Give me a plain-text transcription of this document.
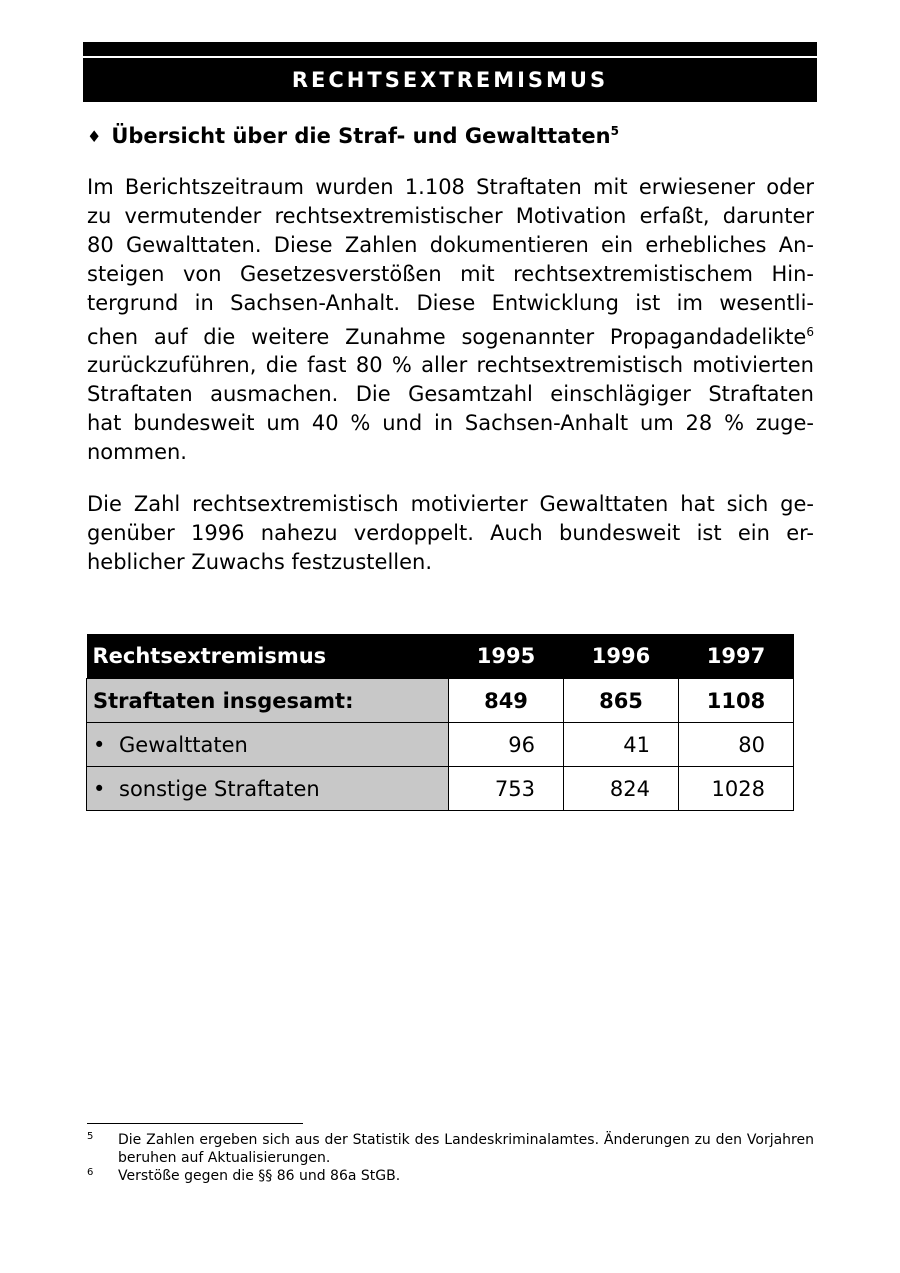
RECHTSEXTREMISMUS
♦ Übersicht über die Straf- und Gewalttaten$^5$
Im Berichtszeitraum wurden 1.108 Straftaten mit erwiesener oder
zu vermutender rechtsextremistischer Motivation erfaßt, darunter
80 Gewalttaten. Diese Zahlen dokumentieren ein erhebliches An-
steigen von Gesetzesverstößen mit rechtsextremistischem Hin-
tergrund in Sachsen-Anhalt. Diese Entwicklung ist im wesentli-
chen auf die weitere Zunahme sogenannter Propagandadelikte$^6$
zurückzuführen, die fast 80 % aller rechtsextremistisch motivierten
Straftaten ausmachen. Die Gesamtzahl einschlägiger Straftaten
hat bundesweit um 40 % und in Sachsen-Anhalt um 28 % zuge-
nommen.
Die Zahl rechtsextremistisch motivierter Gewalttaten hat sich ge-
genüber 1996 nahezu verdoppelt. Auch bundesweit ist ein er-
heblicher Zuwachs festzustellen.
Rechtsextremismus	1995	1996	1997
Straftaten insgesamt:	849	865	1108
• Gewalttaten	96	41	80
• sonstige Straftaten	753	824	1028
5 Die Zahlen ergeben sich aus der Statistik des Landeskriminalamtes. Änderungen zu den Vorjahren beruhen auf Aktualisierungen.
6 Verstöße gegen die §§ 86 und 86a StGB.
